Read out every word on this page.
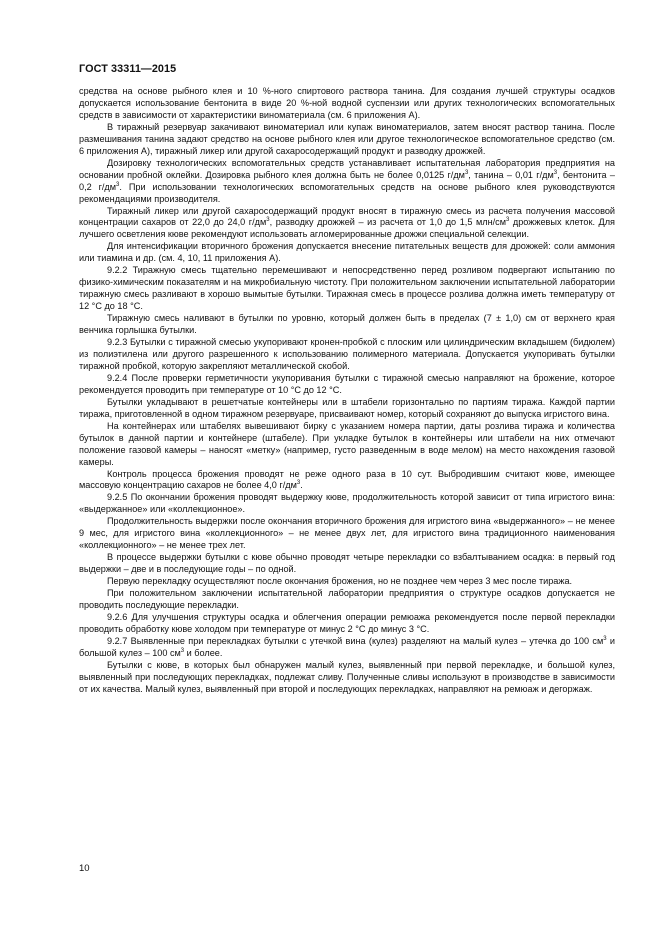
ГОСТ 33311—2015

средства на основе рыбного клея и 10 %-ного спиртового раствора танина. Для создания лучшей структуры осадков допускается использование бентонита в виде 20 %-ной водной суспензии или других технологических вспомогательных средств в зависимости от характеристики виноматериала (см. 6 приложения А).

В тиражный резервуар закачивают виноматериал или купаж виноматериалов, затем вносят раствор танина. После размешивания танина задают средство на основе рыбного клея или другое технологическое вспомогательное средство (см. 6 приложения А), тиражный ликер или другой сахаросодержащий продукт и разводку дрожжей.

Дозировку технологических вспомогательных средств устанавливает испытательная лаборатория предприятия на основании пробной оклейки. Дозировка рыбного клея должна быть не более 0,0125 $г/дм^3$, танина – 0,01 $г/дм^3$, бентонита – 0,2 $г/дм^3$. При использовании технологических вспомогательных средств на основе рыбного клея руководствуются рекомендациями производителя.

Тиражный ликер или другой сахаросодержащий продукт вносят в тиражную смесь из расчета получения массовой концентрации сахаров от 22,0 до 24,0 $г/дм^3$, разводку дрожжей – из расчета от 1,0 до 1,5 млн/$см^3$ дрожжевых клеток. Для лучшего осветления кюве рекомендуют использовать агломерированные дрожжи специальной селекции.

Для интенсификации вторичного брожения допускается внесение питательных веществ для дрожжей: соли аммония или тиамина и др. (см. 4, 10, 11 приложения А).

9.2.2 Тиражную смесь тщательно перемешивают и непосредственно перед розливом подвергают испытанию по физико-химическим показателям и на микробиальную чистоту. При положительном заключении испытательной лаборатории тиражную смесь разливают в хорошо вымытые бутылки. Тиражная смесь в процессе розлива должна иметь температуру от 12 °С до 18 °С.

Тиражную смесь наливают в бутылки по уровню, который должен быть в пределах (7 ± 1,0) см от верхнего края венчика горлышка бутылки.

9.2.3 Бутылки с тиражной смесью укупоривают кронен-пробкой с плоским или цилиндрическим вкладышем (бидюлем) из полиэтилена или другого разрешенного к использованию полимерного материала. Допускается укупоривать бутылки тиражной пробкой, которую закрепляют металлической скобой.

9.2.4 После проверки герметичности укупоривания бутылки с тиражной смесью направляют на брожение, которое рекомендуется проводить при температуре от 10 °С до 12 °С.

Бутылки укладывают в решетчатые контейнеры или в штабели горизонтально по партиям тиража. Каждой партии тиража, приготовленной в одном тиражном резервуаре, присваивают номер, который сохраняют до выпуска игристого вина.

На контейнерах или штабелях вывешивают бирку с указанием номера партии, даты розлива тиража и количества бутылок в данной партии и контейнере (штабеле). При укладке бутылок в контейнеры или штабели на них отмечают положение газовой камеры – наносят «метку» (например, густо разведенным в воде мелом) на место нахождения газовой камеры.

Контроль процесса брожения проводят не реже одного раза в 10 сут. Выбродившим считают кюве, имеющее массовую концентрацию сахаров не более 4,0 $г/дм^3$.

9.2.5 По окончании брожения проводят выдержку кюве, продолжительность которой зависит от типа игристого вина: «выдержанное» или «коллекционное».

Продолжительность выдержки после окончания вторичного брожения для игристого вина «выдержанного» – не менее 9 мес, для игристого вина «коллекционного» – не менее двух лет, для игристого вина традиционного наименования «коллекционного» – не менее трех лет.

В процессе выдержки бутылки с кюве обычно проводят четыре перекладки со взбалтыванием осадка: в первый год выдержки – две и в последующие годы – по одной.

Первую перекладку осуществляют после окончания брожения, но не позднее чем через 3 мес после тиража.

При положительном заключении испытательной лаборатории предприятия о структуре осадков допускается не проводить последующие перекладки.

9.2.6 Для улучшения структуры осадка и облегчения операции ремюажа рекомендуется после первой перекладки проводить обработку кюве холодом при температуре от минус 2 °С до минус 3 °С.

9.2.7 Выявленные при перекладках бутылки с утечкой вина (кулез) разделяют на малый кулез – утечка до 100 $см^3$ и большой кулез – 100 $см^3$ и более.

Бутылки с кюве, в которых был обнаружен малый кулез, выявленный при первой перекладке, и большой кулез, выявленный при последующих перекладках, подлежат сливу. Полученные сливы используют в производстве в зависимости от их качества. Малый кулез, выявленный при второй и последующих перекладках, направляют на ремюаж и дегоржаж.

10
